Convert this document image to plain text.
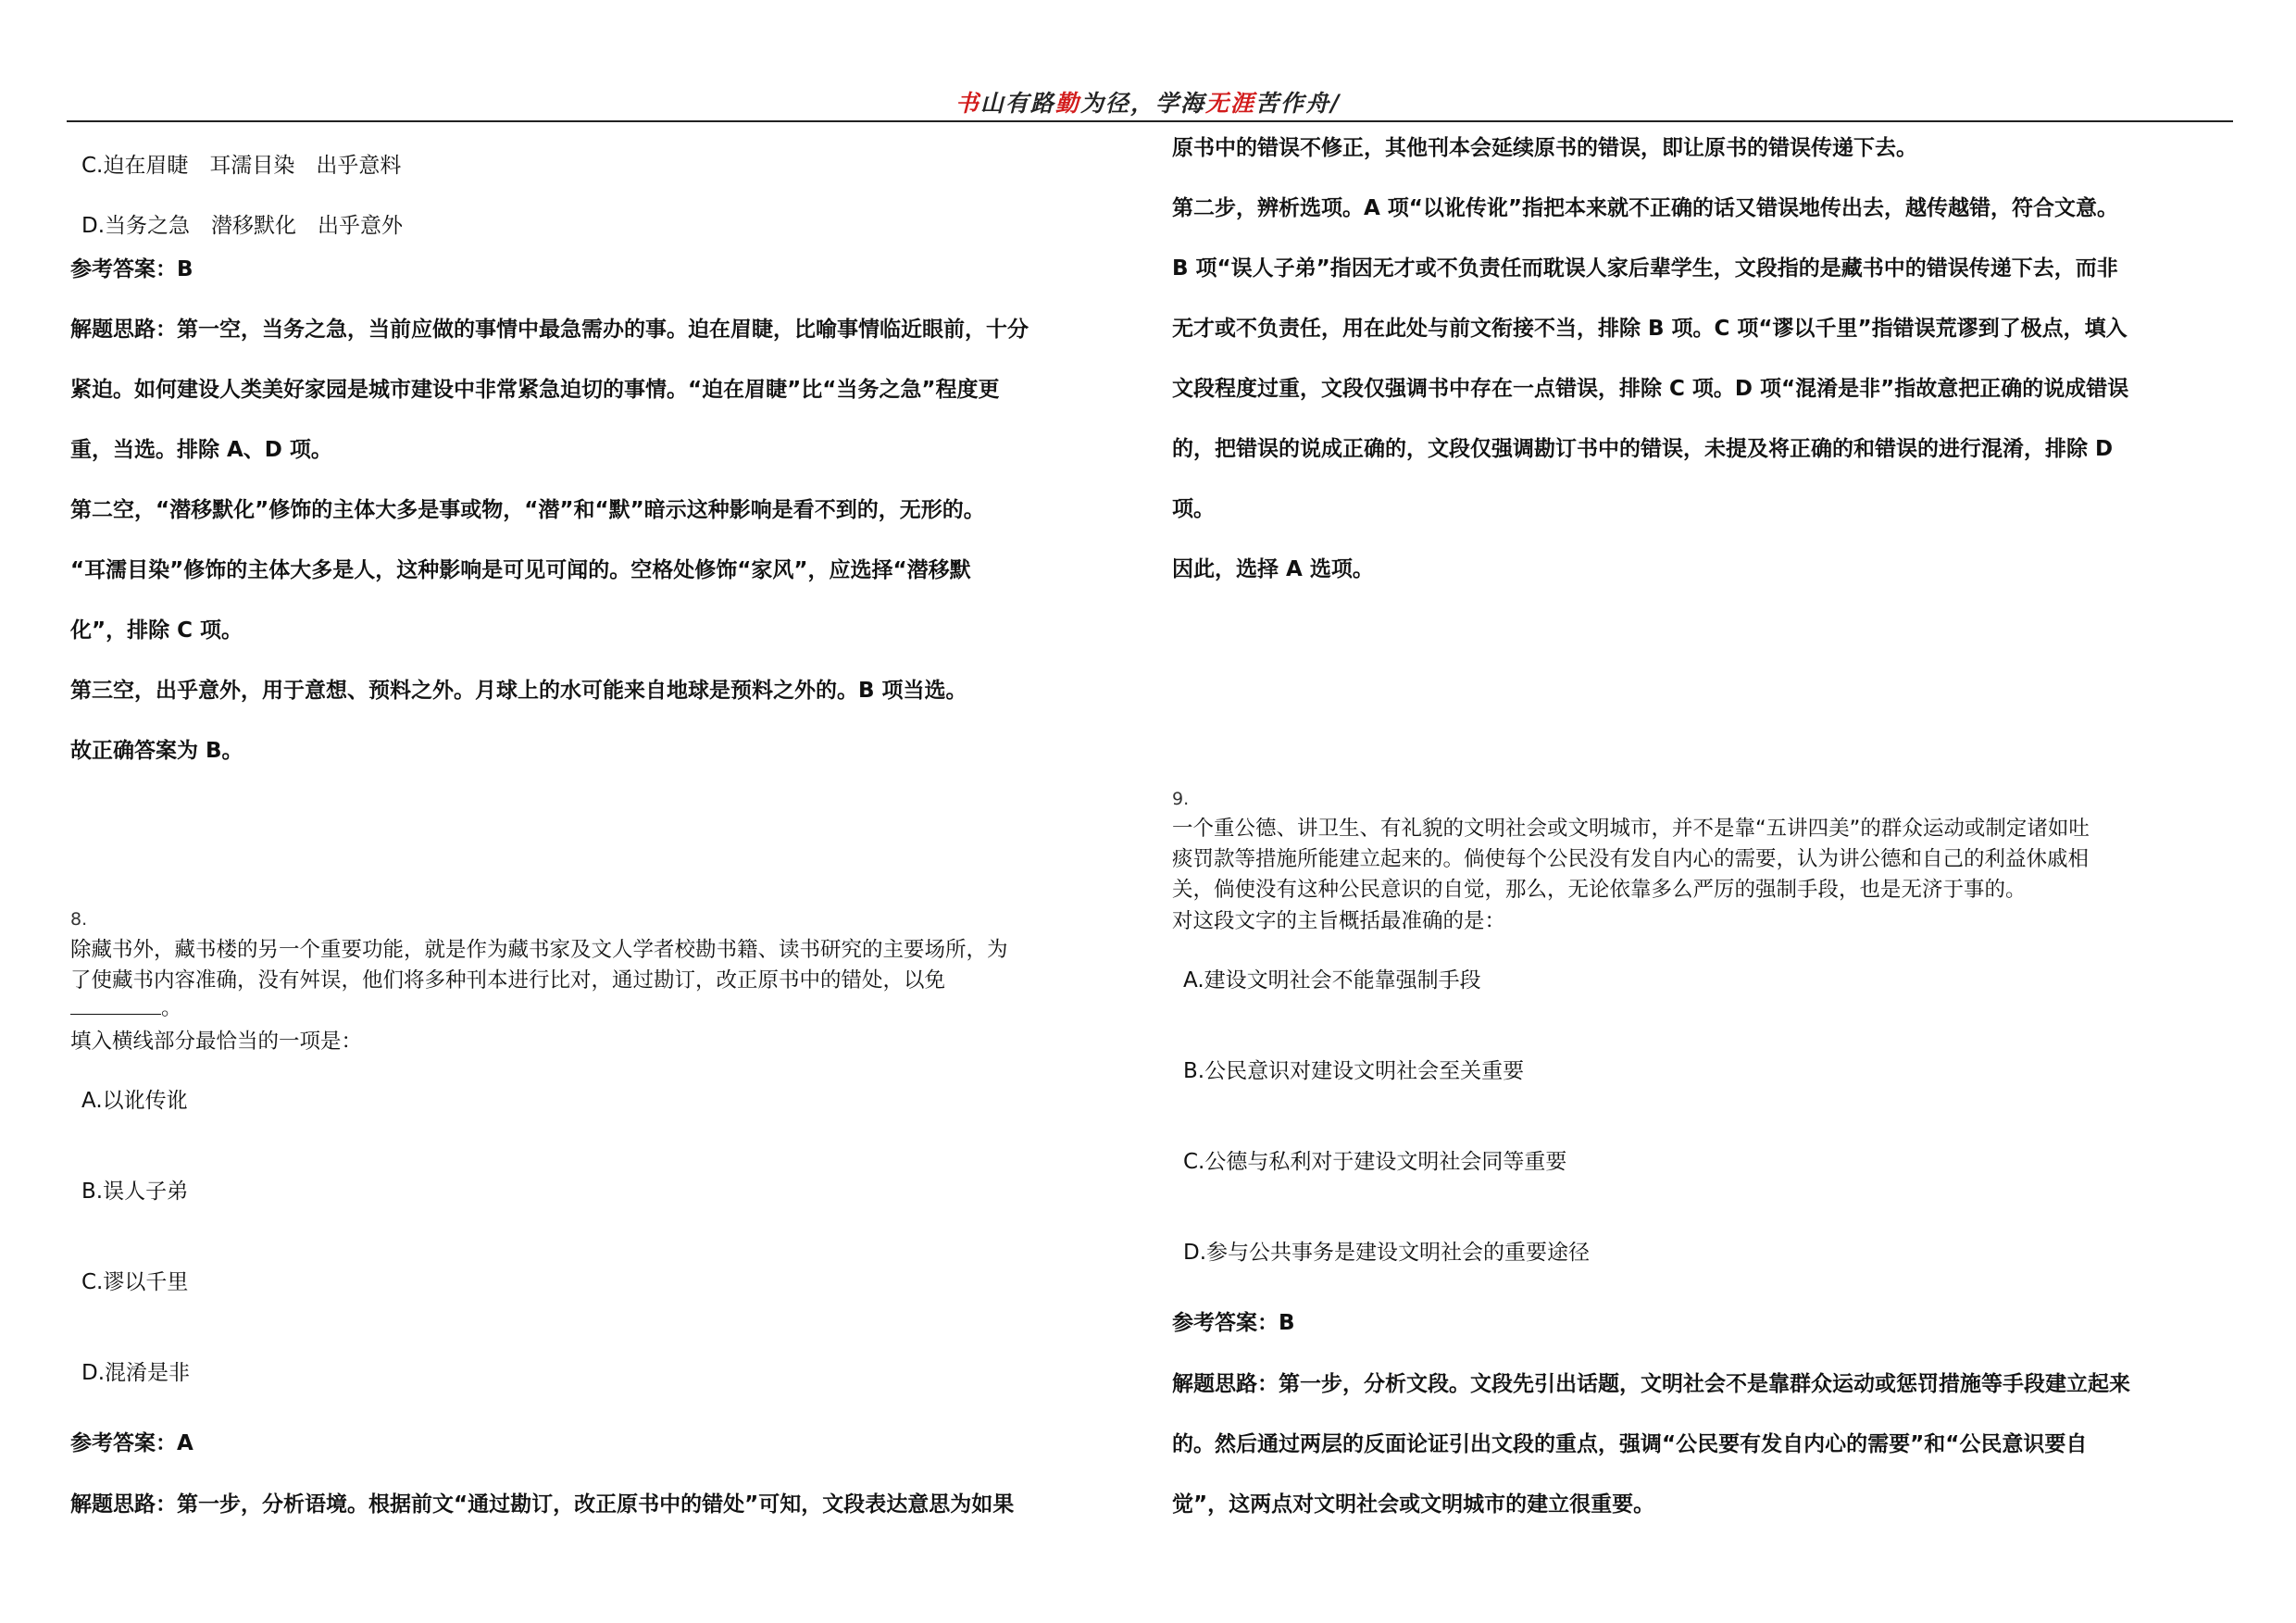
书山有路勤为径，学海无涯苦作舟/

C.迫在眉睫　耳濡目染　出乎意料

D.当务之急　潜移默化　出乎意外

参考答案：B

解题思路：第一空，当务之急，当前应做的事情中最急需办的事。迫在眉睫，比喻事情临近眼前，十分

紧迫。如何建设人类美好家园是城市建设中非常紧急迫切的事情。“迫在眉睫”比“当务之急”程度更

重，当选。排除 A、D 项。

第二空，“潜移默化”修饰的主体大多是事或物，“潜”和“默”暗示这种影响是看不到的，无形的。

“耳濡目染”修饰的主体大多是人，这种影响是可见可闻的。空格处修饰“家风”，应选择“潜移默

化”，排除 C 项。

第三空，出乎意外，用于意想、预料之外。月球上的水可能来自地球是预料之外的。B 项当选。

故正确答案为 B。

8.

除藏书外，藏书楼的另一个重要功能，就是作为藏书家及文人学者校勘书籍、读书研究的主要场所，为

了使藏书内容准确，没有舛误，他们将多种刊本进行比对，通过勘订，改正原书中的错处，以免

。

填入横线部分最恰当的一项是：

A.以讹传讹

B.误人子弟

C.谬以千里

D.混淆是非

参考答案：A

解题思路：第一步，分析语境。根据前文“通过勘订，改正原书中的错处”可知，文段表达意思为如果

原书中的错误不修正，其他刊本会延续原书的错误，即让原书的错误传递下去。

第二步，辨析选项。A 项“以讹传讹”指把本来就不正确的话又错误地传出去，越传越错，符合文意。

B 项“误人子弟”指因无才或不负责任而耽误人家后辈学生，文段指的是藏书中的错误传递下去，而非

无才或不负责任，用在此处与前文衔接不当，排除 B 项。C 项“谬以千里”指错误荒谬到了极点，填入

文段程度过重，文段仅强调书中存在一点错误，排除 C 项。D 项“混淆是非”指故意把正确的说成错误

的，把错误的说成正确的，文段仅强调勘订书中的错误，未提及将正确的和错误的进行混淆，排除 D

项。

因此，选择 A 选项。

9.

一个重公德、讲卫生、有礼貌的文明社会或文明城市，并不是靠“五讲四美”的群众运动或制定诸如吐

痰罚款等措施所能建立起来的。倘使每个公民没有发自内心的需要，认为讲公德和自己的利益休戚相

关，倘使没有这种公民意识的自觉，那么，无论依靠多么严厉的强制手段，也是无济于事的。

对这段文字的主旨概括最准确的是：

A.建设文明社会不能靠强制手段

B.公民意识对建设文明社会至关重要

C.公德与私利对于建设文明社会同等重要

D.参与公共事务是建设文明社会的重要途径

参考答案：B

解题思路：第一步，分析文段。文段先引出话题，文明社会不是靠群众运动或惩罚措施等手段建立起来

的。然后通过两层的反面论证引出文段的重点，强调“公民要有发自内心的需要”和“公民意识要自

觉”，这两点对文明社会或文明城市的建立很重要。
